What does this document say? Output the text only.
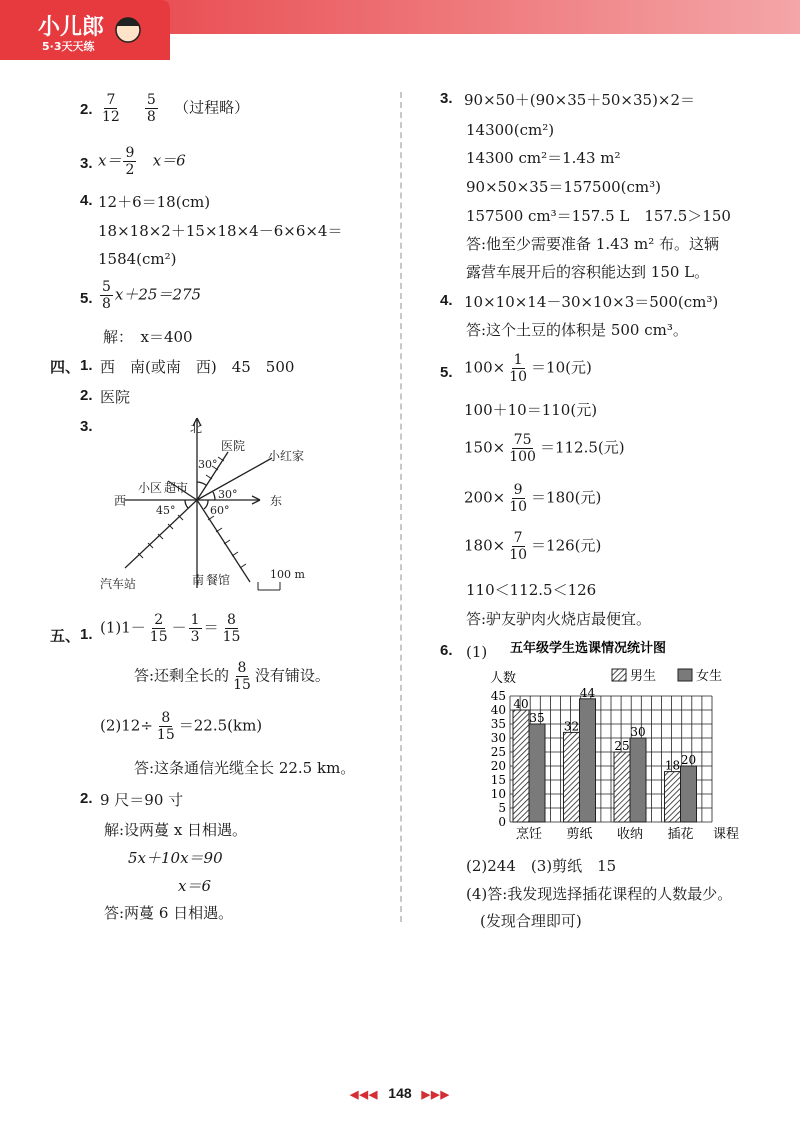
小儿郎
5·3天天练
2. $\frac{7}{12}$
$\frac{5}{8}$ （过程略）
3. $x= \frac{9}{2} x=6$
4. 12＋6＝18(cm)
18×18×2＋15×18×4－6×6×4＝
1584(cm²)
5. $\frac{5}{8} x+25=275$
解：　x＝400
四、 1. 西　南(或南　西)　45　500
2. 医院
3.	北
西	东
南
医院
小红家
小区 超市
汽车站	餐馆
30°
30°
45°	60°
100 m
五、 1. $(1)1- \frac{2}{15} - \frac{1}{3} = \frac{8}{15}$
答:还剩全长的 $\frac{8}{15}$ 没有铺设。
$(2)12\div \frac{8}{15} =22.5(km)$
答:这条通信光缆全长 22.5 km。
2. 9 尺＝90 寸
解:设两蔓 x 日相遇。
5x＋10x＝90
x＝6
答:两蔓 6 日相遇。
3. 90×50＋(90×35＋50×35)×2＝
14300(cm²)
14300 cm²＝1.43 m²
90×50×35＝157500(cm³)
157500 cm³＝157.5 L　157.5＞150
答:他至少需要准备 1.43 m² 布。这辆
露营车展开后的容积能达到 150 L。
4. 10×10×14－30×10×3＝500(cm³)
答:这个土豆的体积是 500 cm³。
5. $100\times \frac{1}{10} =10$(元)
100＋10＝110(元)
$150\times \frac{75}{100} =112.5$(元)
$200\times \frac{9}{10} =180$(元)
$180\times \frac{7}{10} =126$(元)
110＜112.5＜126
答:驴友驴肉火烧店最便宜。
6. (1) 五年级学生选课情况统计图
人数	男生	女生
0
5
10
15
20
25
30
35
40
45
40
35
烹饪
32
44
剪纸
25
30
收纳
18 20
插花 课程
(2)244　(3)剪纸　15
(4)答:我发现选择插花课程的人数最少。
(发现合理即可)
◀◀◀ 148 ▶▶▶
